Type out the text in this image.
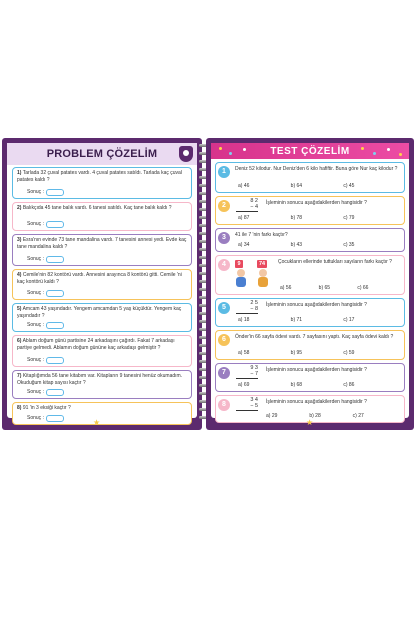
PROBLEM ÇÖZELİM
1) Tarlada 32 çuval patates vardı. 4 çuval patates satıldı. Tarlada kaç çuval patates kaldı ?
Sonuç :
2) Balıkçıda 45 tane balık vardı. 6 tanesi satıldı. Kaç tane balık kaldı ?
Sonuç :
3) Esra'nın evinde 73 tane mandalina vardı. 7 tanesini annesi yedi. Evde kaç tane mandalina kaldı ?
Sonuç :
4) Cemile'nin 82 kontörü vardı. Annesini arayınca 8 kontörü gitti. Cemile 'ni kaç kontörü kaldı ?
Sonuç :
5) Amcam 43 yaşındadır. Yengem amcamdan 5 yaş küçüktür. Yengem kaç yaşındadır ?
Sonuç :
6) Ablam doğum günü partisine 24 arkadaşını çağırdı. Fakat 7 arkadaşı partiye gelmedi. Ablamın doğum gününe kaç arkadaşı gelmiştir ?
Sonuç :
7) Kitaplığımda 56 tane kitabım var. Kitapların 9 tanesini henüz okumadım. Okuduğum kitap sayısı kaçtır ?
Sonuç :
8) 91 'in 3 eksiği kaçtır ?
Sonuç :	★
TEST ÇÖZELİM
1	Deniz 52 kilodur. Nur Deniz'den 6 kilo hafiftir. Buna göre Nur kaç kilodur ?
a) 46	b) 64	c) 45
2
8 2
− 4
İşleminin sonucu aşağıdakilerden hangisidir ?
a) 87	b) 78	c) 79
3	41 ile 7 'nin farkı kaçtır?
a) 34	b) 43	c) 35
4	9	74	Çocukların ellerinde tuttukları sayıların farkı kaçtır ?
a) 56	b) 65	c) 66
5
2 5
− 8
İşleminin sonucu aşağıdakilerden hangisidir ?
a) 18	b) 71	c) 17
6	Önder'in 66 sayfa ödevi vardı. 7 sayfasını yaptı. Kaç sayfa ödevi kaldı ?
a) 58	b) 95	c) 59
7
9 3
− 7
İşleminin sonucu aşağıdakilerden hangisidir ?
a) 69	b) 68	c) 86
8
3 4
− 5
İşleminin sonucu aşağıdakilerden hangisidir ?
a) 29	b) 28	c) 27
★
